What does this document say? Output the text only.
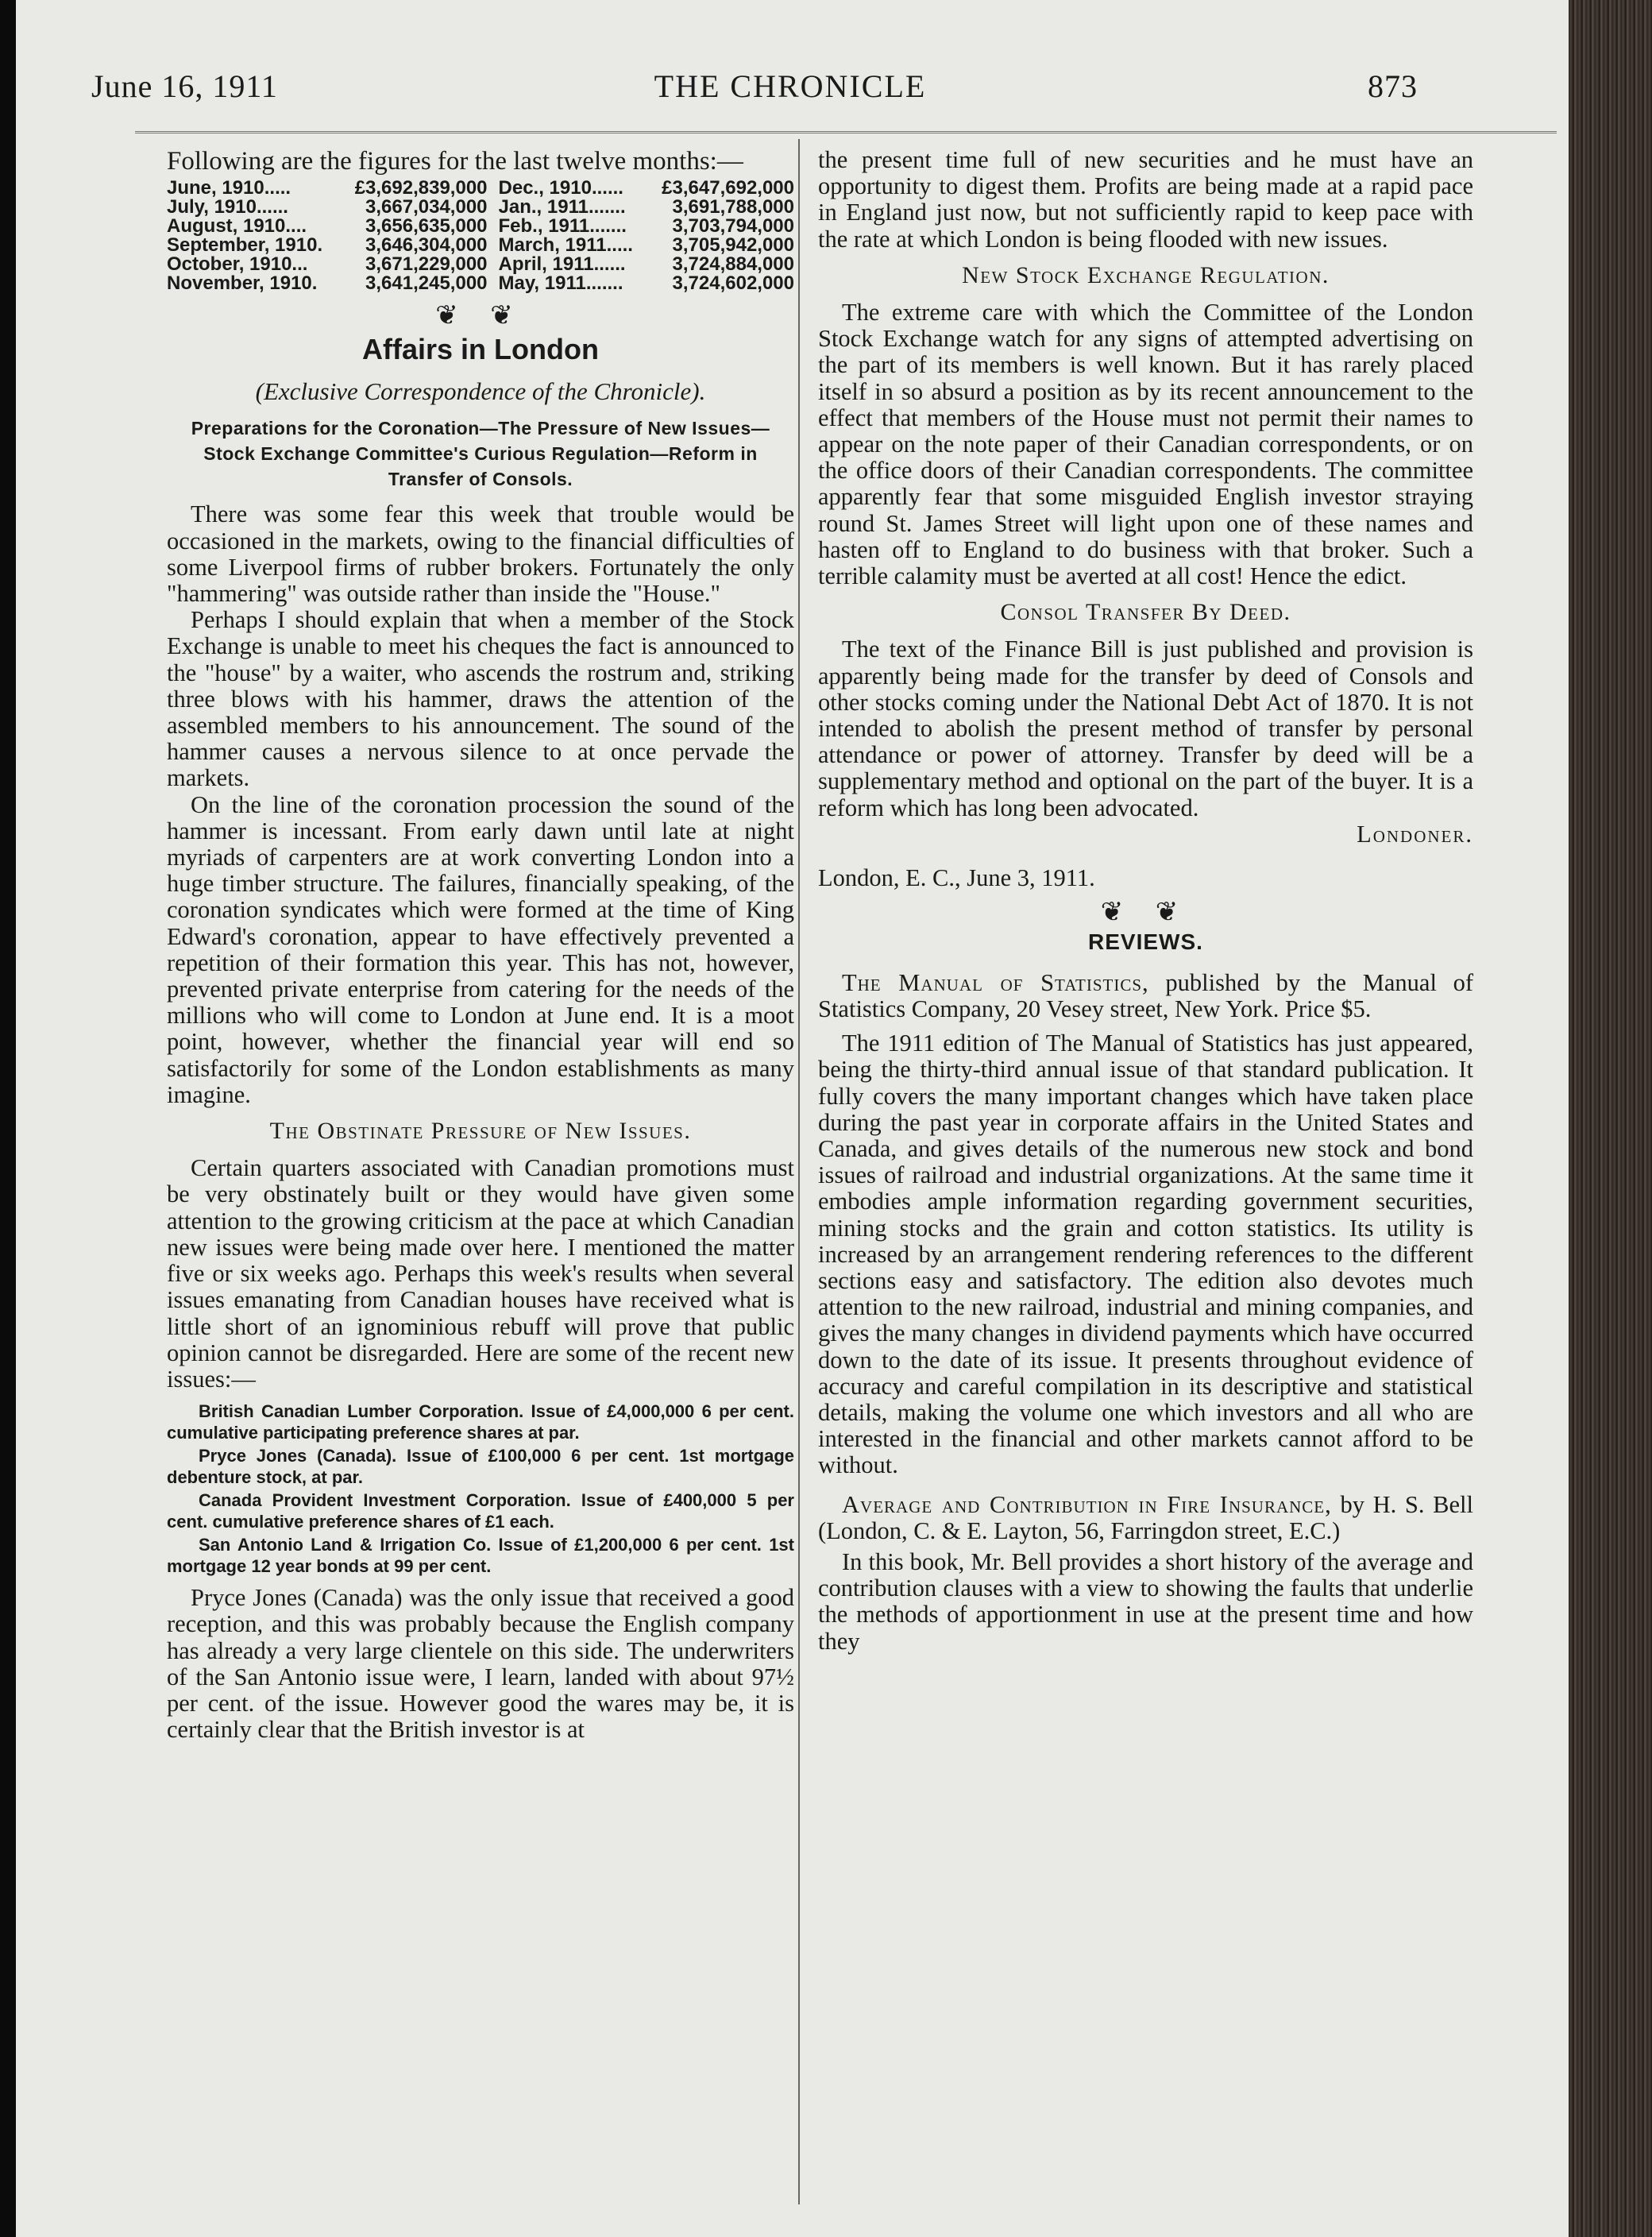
June 16, 1911	THE CHRONICLE	873

Following are the figures for the last twelve months:—

June, 1910.....	£3,692,839,000	Dec., 1910......	£3,647,692,000
July, 1910......	3,667,034,000	Jan., 1911.......	3,691,788,000
August, 1910....	3,656,635,000	Feb., 1911.......	3,703,794,000
September, 1910.	3,646,304,000	March, 1911.....	3,705,942,000
October, 1910...	3,671,229,000	April, 1911......	3,724,884,000
November, 1910.	3,641,245,000	May, 1911.......	3,724,602,000
❦ ❦
Affairs in London
(Exclusive Correspondence of the Chronicle).
Preparations for the Coronation—The Pressure of New Issues—Stock Exchange Committee's Curious Regulation—Reform in Transfer of Consols.

There was some fear this week that trouble would be occasioned in the markets, owing to the financial difficulties of some Liverpool firms of rubber brokers. Fortunately the only "hammering" was outside rather than inside the "House."

Perhaps I should explain that when a member of the Stock Exchange is unable to meet his cheques the fact is announced to the "house" by a waiter, who ascends the rostrum and, striking three blows with his hammer, draws the attention of the assembled members to his announcement. The sound of the hammer causes a nervous silence to at once pervade the markets.

On the line of the coronation procession the sound of the hammer is incessant. From early dawn until late at night myriads of carpenters are at work converting London into a huge timber structure. The failures, financially speaking, of the coronation syndicates which were formed at the time of King Edward's coronation, appear to have effectively prevented a repetition of their formation this year. This has not, however, prevented private enterprise from catering for the needs of the millions who will come to London at June end. It is a moot point, however, whether the financial year will end so satisfactorily for some of the London establishments as many imagine.

The Obstinate Pressure of New Issues.

Certain quarters associated with Canadian promotions must be very obstinately built or they would have given some attention to the growing criticism at the pace at which Canadian new issues were being made over here. I mentioned the matter five or six weeks ago. Perhaps this week's results when several issues emanating from Canadian houses have received what is little short of an ignominious rebuff will prove that public opinion cannot be disregarded. Here are some of the recent new issues:—

British Canadian Lumber Corporation. Issue of £4,000,000 6 per cent. cumulative participating preference shares at par.
Pryce Jones (Canada). Issue of £100,000 6 per cent. 1st mortgage debenture stock, at par.
Canada Provident Investment Corporation. Issue of £400,000 5 per cent. cumulative preference shares of £1 each.
San Antonio Land & Irrigation Co. Issue of £1,200,000 6 per cent. 1st mortgage 12 year bonds at 99 per cent.

Pryce Jones (Canada) was the only issue that received a good reception, and this was probably because the English company has already a very large clientele on this side. The underwriters of the San Antonio issue were, I learn, landed with about 97½ per cent. of the issue. However good the wares may be, it is certainly clear that the British investor is at

the present time full of new securities and he must have an opportunity to digest them. Profits are being made at a rapid pace in England just now, but not sufficiently rapid to keep pace with the rate at which London is being flooded with new issues.

New Stock Exchange Regulation.

The extreme care with which the Committee of the London Stock Exchange watch for any signs of attempted advertising on the part of its members is well known. But it has rarely placed itself in so absurd a position as by its recent announcement to the effect that members of the House must not permit their names to appear on the note paper of their Canadian correspondents, or on the office doors of their Canadian correspondents. The committee apparently fear that some misguided English investor straying round St. James Street will light upon one of these names and hasten off to England to do business with that broker. Such a terrible calamity must be averted at all cost! Hence the edict.

Consol Transfer By Deed.

The text of the Finance Bill is just published and provision is apparently being made for the transfer by deed of Consols and other stocks coming under the National Debt Act of 1870. It is not intended to abolish the present method of transfer by personal attendance or power of attorney. Transfer by deed will be a supplementary method and optional on the part of the buyer. It is a reform which has long been advocated.

Londoner.

London, E. C., June 3, 1911.

❦ ❦
REVIEWS.

The Manual of Statistics, published by the Manual of Statistics Company, 20 Vesey street, New York. Price $5.

The 1911 edition of The Manual of Statistics has just appeared, being the thirty-third annual issue of that standard publication. It fully covers the many important changes which have taken place during the past year in corporate affairs in the United States and Canada, and gives details of the numerous new stock and bond issues of railroad and industrial organizations. At the same time it embodies ample information regarding government securities, mining stocks and the grain and cotton statistics. Its utility is increased by an arrangement rendering references to the different sections easy and satisfactory. The edition also devotes much attention to the new railroad, industrial and mining companies, and gives the many changes in dividend payments which have occurred down to the date of its issue. It presents throughout evidence of accuracy and careful compilation in its descriptive and statistical details, making the volume one which investors and all who are interested in the financial and other markets cannot afford to be without.

Average and Contribution in Fire Insurance, by H. S. Bell (London, C. & E. Layton, 56, Farringdon street, E.C.)

In this book, Mr. Bell provides a short history of the average and contribution clauses with a view to showing the faults that underlie the methods of apportionment in use at the present time and how they
